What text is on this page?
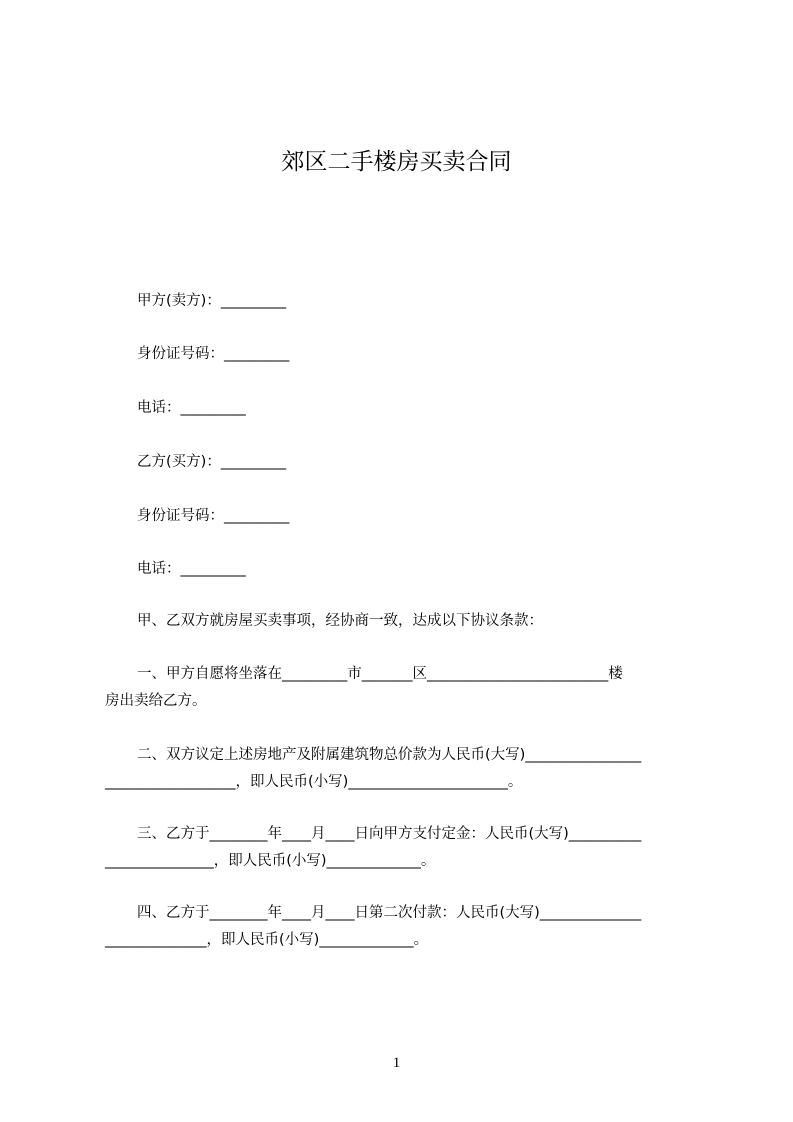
郊区二手楼房买卖合同
甲方(卖方)：_________
身份证号码：_________
电话：_________
乙方(买方)：_________
身份证号码：_________
电话：_________
甲、乙双方就房屋买卖事项，经协商一致，达成以下协议条款：
一、甲方自愿将坐落在_________市_______区_________________________楼
房出卖给乙方。
二、双方议定上述房地产及附属建筑物总价款为人民币(大写)________________
__________________，即人民币(小写)______________________。
三、乙方于________年____月____日向甲方支付定金：人民币(大写)__________
_______________，即人民币(小写)_____________。
四、乙方于________年____月____日第二次付款：人民币(大写)______________
______________，即人民币(小写)_____________。
1
